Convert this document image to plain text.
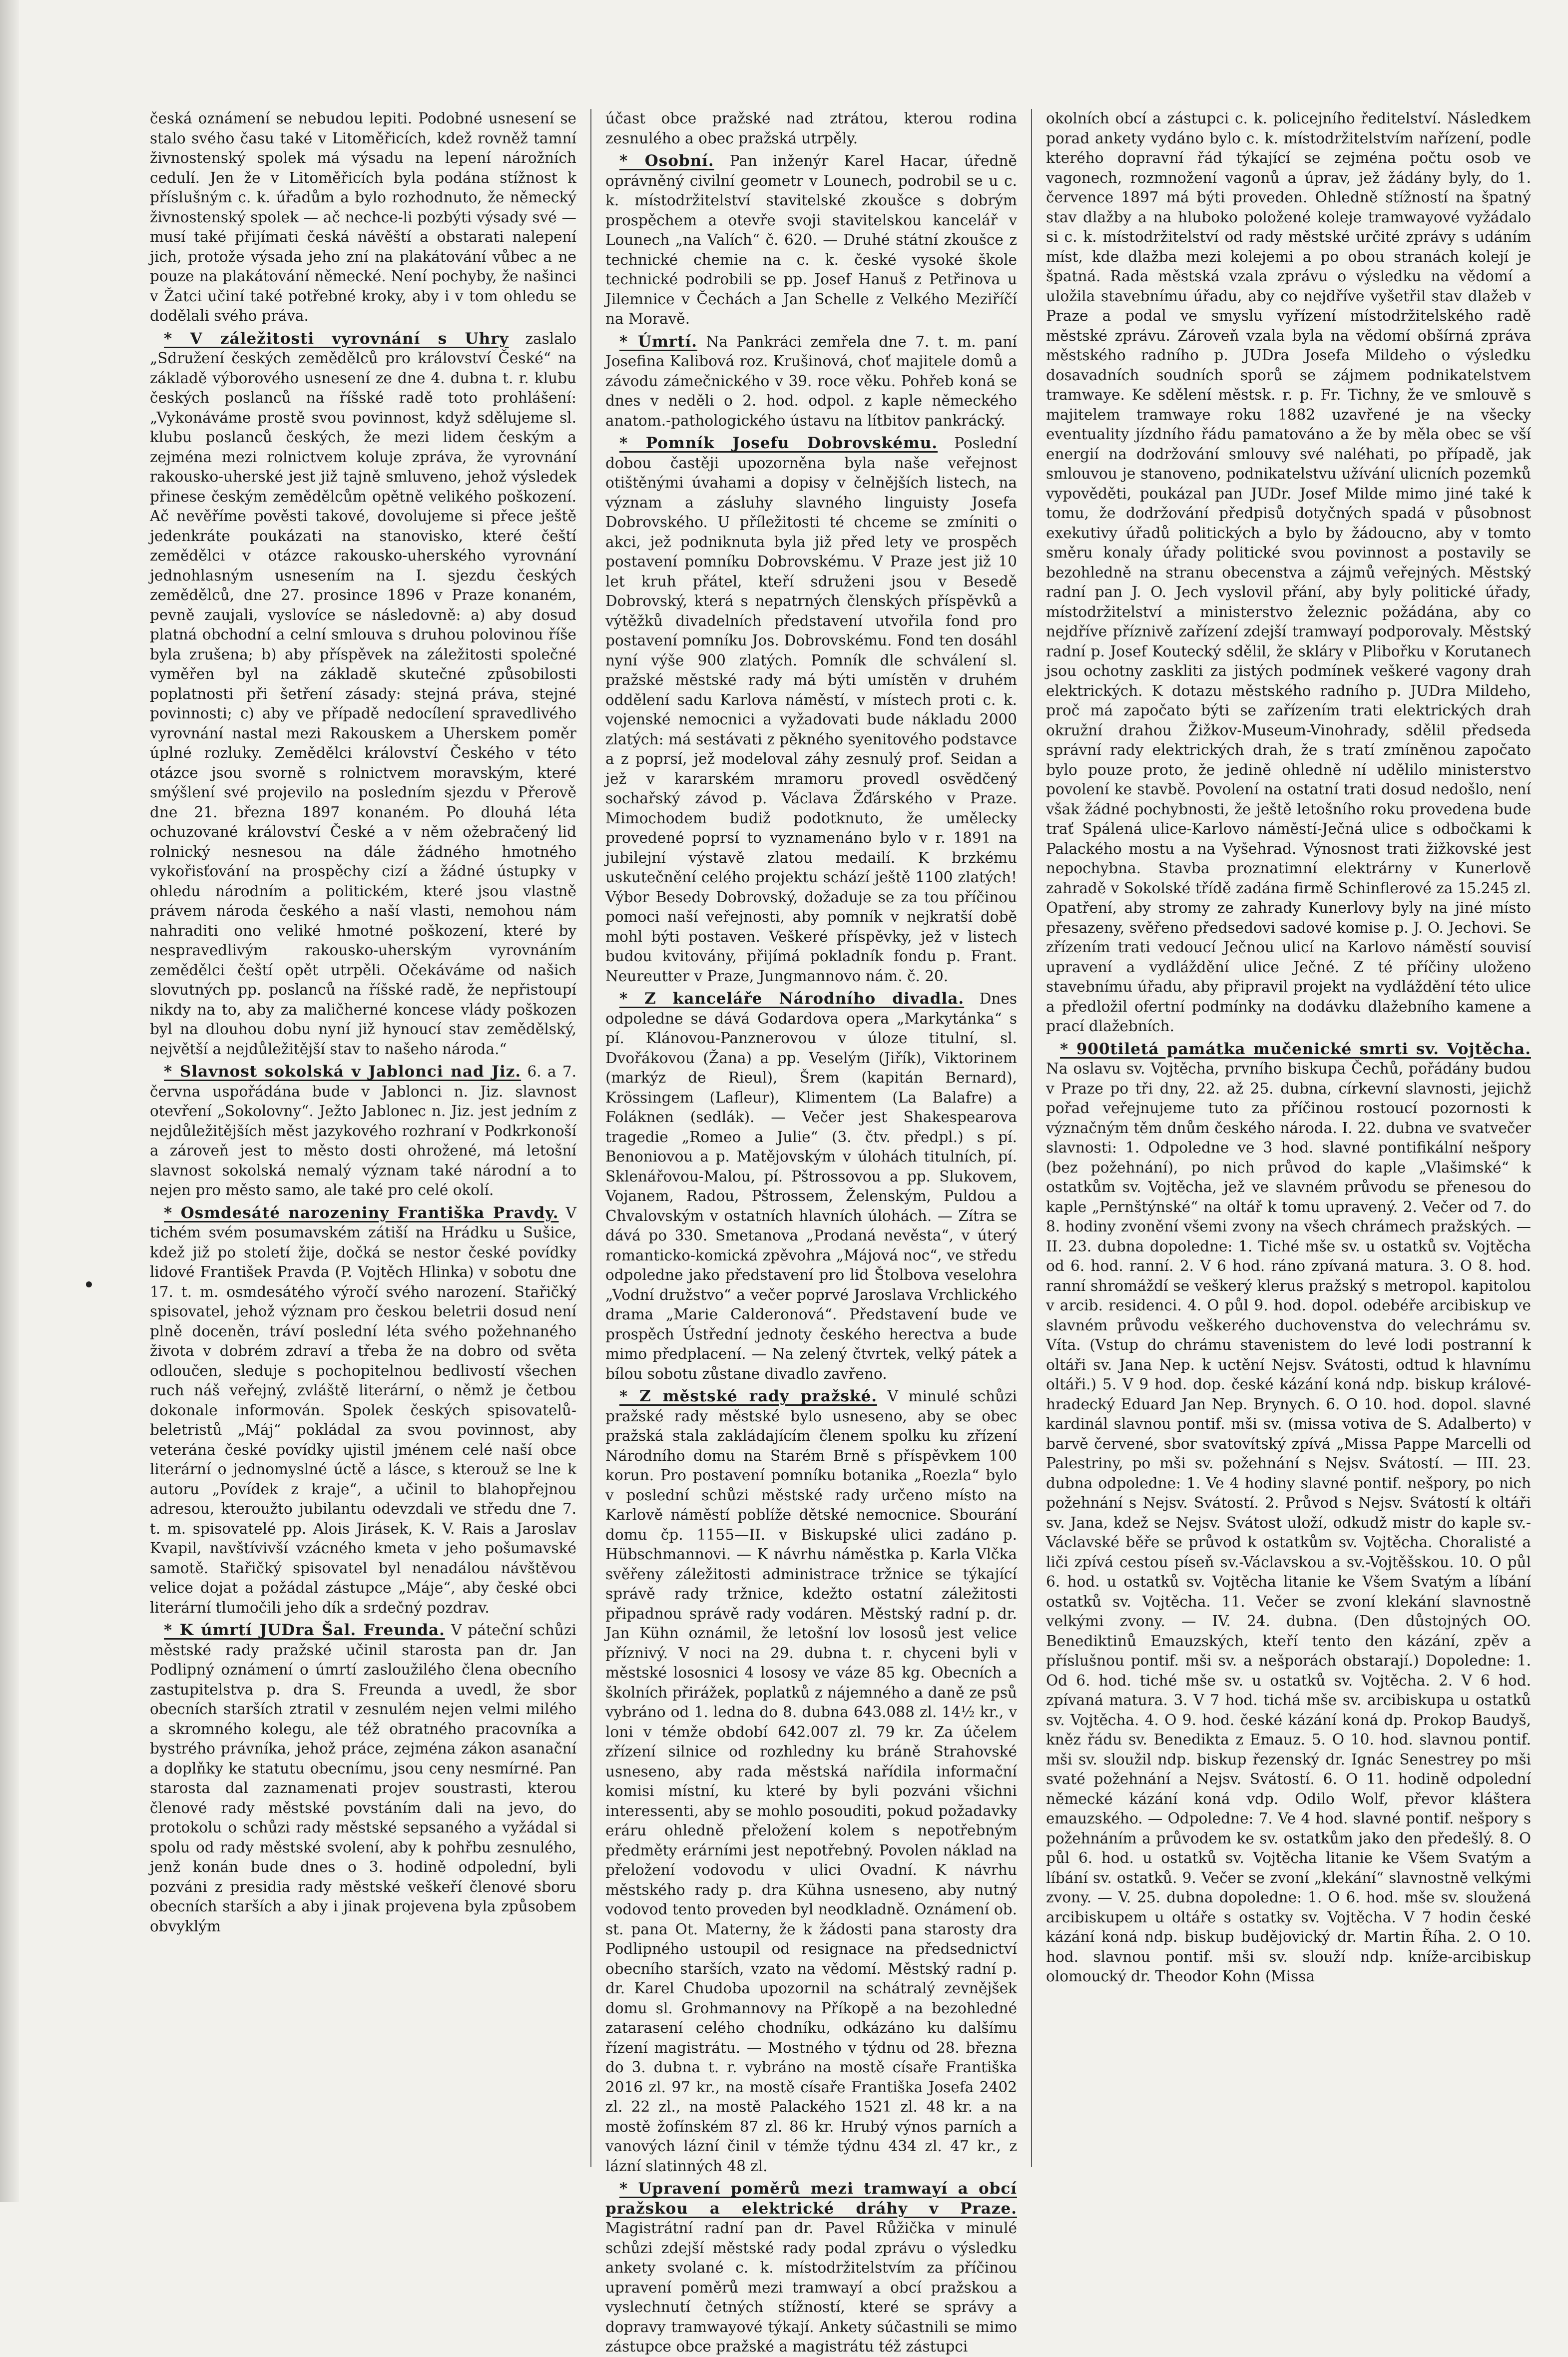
česká oznámení se nebudou lepiti. Podobné usnesení se stalo svého času také v Litoměřicích, kdež rovněž tamní živnostenský spolek má výsadu na lepení nárožních cedulí. Jen že v Litoměřicích byla podána stížnost k příslušným c. k. úřadům a bylo rozhodnuto, že německý živnostenský spolek — ač nechce-li pozbýti výsady své — musí také přijímati česká návěští a obstarati nalepení jich, protože výsada jeho zní na plakátování vůbec a ne pouze na plakátování německé. Není pochyby, že našinci v Žatci učiní také potřebné kroky, aby i v tom ohledu se dodělali svého práva.

* V záležitosti vyrovnání s Uhry zaslalo „Sdružení českých zemědělců pro království České“ na základě výborového usnesení ze dne 4. dubna t. r. klubu českých poslanců na říšské radě toto prohlášení: „Vykonáváme prostě svou povinnost, když sdělujeme sl. klubu poslanců českých, že mezi lidem českým a zejména mezi rolnictvem koluje zpráva, že vyrovnání rakousko-uherské jest již tajně smluveno, jehož výsledek přinese českým zemědělcům opětně velikého poškození. Ač nevěříme pověsti takové, dovolujeme si přece ještě jedenkráte poukázati na stanovisko, které čeští zemědělci v otázce rakousko-uherského vyrovnání jednohlasným usnesením na I. sjezdu českých zemědělců, dne 27. prosince 1896 v Praze konaném, pevně zaujali, vyslovíce se následovně: a) aby dosud platná obchodní a celní smlouva s druhou polovinou říše byla zrušena; b) aby příspěvek na záležitosti společné vyměřen byl na základě skutečné způsobilosti poplatnosti při šetření zásady: stejná práva, stejné povinnosti; c) aby ve případě nedocílení spravedlivého vyrovnání nastal mezi Rakouskem a Uherskem poměr úplné rozluky. Zemědělci království Českého v této otázce jsou svorně s rolnictvem moravským, které smýšlení své projevilo na posledním sjezdu v Přerově dne 21. března 1897 konaném. Po dlouhá léta ochuzované království České a v něm ožebračený lid rolnický nesnesou na dále žádného hmotného vykořisťování na prospěchy cizí a žádné ústupky v ohledu národním a politickém, které jsou vlastně právem národa českého a naší vlasti, nemohou nám nahraditi ono veliké hmotné poškození, které by nespravedlivým rakousko-uherským vyrovnáním zemědělci čeští opět utrpěli. Očekáváme od našich slovutných pp. poslanců na říšské radě, že nepřistoupí nikdy na to, aby za maličherné koncese vlády poškozen byl na dlouhou dobu nyní již hynoucí stav zemědělský, největší a nejdůležitější stav to našeho národa.“

* Slavnost sokolská v Jablonci nad Jiz. 6. a 7. června uspořádána bude v Jablonci n. Jiz. slavnost otevření „Sokolovny“. Ježto Jablonec n. Jiz. jest jedním z nejdůležitějších měst jazykového rozhraní v Podkrkonoší a zároveň jest to město dosti ohrožené, má letošní slavnost sokolská nemalý význam také národní a to nejen pro město samo, ale také pro celé okolí.

* Osmdesáté narozeniny Františka Pravdy. V tichém svém posumavském zátiší na Hrádku u Sušice, kdež již po století žije, dočká se nestor české povídky lidové František Pravda (P. Vojtěch Hlinka) v sobotu dne 17. t. m. osmdesátého výročí svého narození. Stařičký spisovatel, jehož význam pro českou beletrii dosud není plně doceněn, tráví poslední léta svého požehnaného života v dobrém zdraví a třeba že na dobro od světa odloučen, sleduje s pochopitelnou bedlivostí všechen ruch náš veřejný, zvláště literární, o němž je četbou dokonale informován. Spolek českých spisovatelů-beletristů „Máj“ pokládal za svou povinnost, aby veterána české povídky ujistil jménem celé naší obce literární o jednomyslné úctě a lásce, s kterouž se lne k autoru „Povídek z kraje“, a učinil to blahopřejnou adresou, kteroužto jubilantu odevzdali ve středu dne 7. t. m. spisovatelé pp. Alois Jirásek, K. V. Rais a Jaroslav Kvapil, navštívivší vzácného kmeta v jeho pošumavské samotě. Stařičký spisovatel byl nenadálou návštěvou velice dojat a požádal zástupce „Máje“, aby české obci literární tlumočili jeho dík a srdečný pozdrav.

* K úmrtí JUDra Šal. Freunda. V páteční schůzi městské rady pražské učinil starosta pan dr. Jan Podlipný oznámení o úmrtí zasloužilého člena obecního zastupitelstva p. dra S. Freunda a uvedl, že sbor obecních starších ztratil v zesnulém nejen velmi milého a skromného kolegu, ale též obratného pracovníka a bystrého právníka, jehož práce, zejména zákon asanační a doplňky ke statutu obecnímu, jsou ceny nesmírné. Pan starosta dal zaznamenati projev soustrasti, kterou členové rady městské povstáním dali na jevo, do protokolu o schůzi rady městské sepsaného a vyžádal si spolu od rady městské svolení, aby k pohřbu zesnulého, jenž konán bude dnes o 3. hodině odpolední, byli pozváni z presidia rady městské veškeří členové sboru obecních starších a aby i jinak projevena byla způsobem obvyklým

účast obce pražské nad ztrátou, kterou rodina zesnulého a obec pražská utrpěly.

* Osobní. Pan inženýr Karel Hacar, úředně oprávněný civilní geometr v Lounech, podrobil se u c. k. místodržitelství stavitelské zkoušce s dobrým prospěchem a otevře svoji stavitelskou kancelář v Lounech „na Valích“ č. 620. — Druhé státní zkoušce z technické chemie na c. k. české vysoké škole technické podrobili se pp. Josef Hanuš z Petřinova u Jilemnice v Čechách a Jan Schelle z Velkého Meziříčí na Moravě.

* Úmrtí. Na Pankráci zemřela dne 7. t. m. paní Josefina Kalibová roz. Krušinová, choť majitele domů a závodu zámečnického v 39. roce věku. Pohřeb koná se dnes v neděli o 2. hod. odpol. z kaple německého anatom.-pathologického ústavu na lítbitov pankrácký.

* Pomník Josefu Dobrovskému. Poslední dobou častěji upozorněna byla naše veřejnost otištěnými úvahami a dopisy v čelnějších listech, na význam a zásluhy slavného linguisty Josefa Dobrovského. U příležitosti té chceme se zmíniti o akci, jež podniknuta byla již před lety ve prospěch postavení pomníku Dobrovskému. V Praze jest již 10 let kruh přátel, kteří sdruženi jsou v Besedě Dobrovský, která s nepatrných členských příspěvků a výtěžků divadelních představení utvořila fond pro postavení pomníku Jos. Dobrovskému. Fond ten dosáhl nyní výše 900 zlatých. Pomník dle schválení sl. pražské městské rady má býti umístěn v druhém oddělení sadu Karlova náměstí, v místech proti c. k. vojenské nemocnici a vyžadovati bude nákladu 2000 zlatých: má sestávati z pěkného syenitového podstavce a z poprsí, jež modeloval záhy zesnulý prof. Seidan a jež v kararském mramoru provedl osvědčený sochařský závod p. Václava Žďárského v Praze. Mimochodem budiž podotknuto, že umělecky provedené poprsí to vyznamenáno bylo v r. 1891 na jubilejní výstavě zlatou medailí. K brzkému uskutečnění celého projektu schází ještě 1100 zlatých! Výbor Besedy Dobrovský, dožaduje se za tou příčinou pomoci naší veřejnosti, aby pomník v nejkratší době mohl býti postaven. Veškeré příspěvky, jež v listech budou kvitovány, přijímá pokladník fondu p. Frant. Neureutter v Praze, Jungmannovo nám. č. 20.

* Z kanceláře Národního divadla. Dnes odpoledne se dává Godardova opera „Markytánka“ s pí. Klánovou-Panznerovou v úloze titulní, sl. Dvořákovou (Žana) a pp. Veselým (Jiřík), Viktorinem (markýz de Rieul), Šrem (kapitán Bernard), Krössingem (Lafleur), Klimentem (La Balafre) a Foláknen (sedlák). — Večer jest Shakespearova tragedie „Romeo a Julie“ (3. čtv. předpl.) s pí. Benoniovou a p. Matějovským v úlohách titulních, pí. Sklenářovou-Malou, pí. Pštrossovou a pp. Slukovem, Vojanem, Radou, Pštrossem, Želenským, Puldou a Chvalovským v ostatních hlavních úlohách. — Zítra se dává po 330. Smetanova „Prodaná nevěsta“, v úterý romanticko-komická zpěvohra „Májová noc“, ve středu odpoledne jako představení pro lid Štolbova veselohra „Vodní družstvo“ a večer poprvé Jaroslava Vrchlického drama „Marie Calderonová“. Představení bude ve prospěch Ústřední jednoty českého herectva a bude mimo předplacení. — Na zelený čtvrtek, velký pátek a bílou sobotu zůstane divadlo zavřeno.

* Z městské rady pražské. V minulé schůzi pražské rady městské bylo usneseno, aby se obec pražská stala zakládajícím členem spolku ku zřízení Národního domu na Starém Brně s příspěvkem 100 korun. Pro postavení pomníku botanika „Roezla“ bylo v poslední schůzi městské rady určeno místo na Karlově náměstí poblíže dětské nemocnice. Sbourání domu čp. 1155—II. v Biskupské ulici zadáno p. Hübschmannovi. — K návrhu náměstka p. Karla Vlčka svěřeny záležitosti administrace tržnice se týkající správě rady tržnice, kdežto ostatní záležitosti připadnou správě rady vodáren. Městský radní p. dr. Jan Kühn oznámil, že letošní lov lososů jest velice příznivý. V noci na 29. dubna t. r. chyceni byli v městské lososnici 4 lososy ve váze 85 kg. Obecních a školních přirážek, poplatků z nájemného a daně ze psů vybráno od 1. ledna do 8. dubna 643.088 zl. 14½ kr., v loni v témže období 642.007 zl. 79 kr. Za účelem zřízení silnice od rozhledny ku bráně Strahovské usneseno, aby rada městská nařídila informační komisi místní, ku které by byli pozváni všichni interessenti, aby se mohlo posouditi, pokud požadavky eráru ohledně přeložení kolem s nepotřebným předměty erárními jest nepotřebný. Povolen náklad na přeložení vodovodu v ulici Ovadní. K návrhu městského rady p. dra Kühna usneseno, aby nutný vodovod tento proveden byl neodkladně. Oznámení ob. st. pana Ot. Materny, že k žádosti pana starosty dra Podlipného ustoupil od resignace na předsednictví obecního starších, vzato na vědomí. Městský radní p. dr. Karel Chudoba upozornil na schátralý zevnějšek domu sl. Grohmannovy na Příkopě a na bezohledné zatarasení celého chodníku, odkázáno ku dalšímu řízení magistrátu. — Mostného v týdnu od 28. března do 3. dubna t. r. vybráno na mostě císaře Františka 2016 zl. 97 kr., na mostě císaře Františka Josefa 2402 zl. 22 zl., na mostě Palackého 1521 zl. 48 kr. a na mostě žofínském 87 zl. 86 kr. Hrubý výnos parních a vanových lázní činil v témže týdnu 434 zl. 47 kr., z lázní slatinných 48 zl.

* Upravení poměrů mezi tramwayí a obcí pražskou a elektrické dráhy v Praze. Magistrátní radní pan dr. Pavel Růžička v minulé schůzi zdejší městské rady podal zprávu o výsledku ankety svolané c. k. místodržitelstvím za příčinou upravení poměrů mezi tramwayí a obcí pražskou a vyslechnutí četných stížností, které se správy a dopravy tramwayové týkají. Ankety súčastnili se mimo zástupce obce pražské a magistrátu též zástupci

okolních obcí a zástupci c. k. policejního ředitelství. Následkem porad ankety vydáno bylo c. k. místodržitelstvím nařízení, podle kterého dopravní řád týkající se zejména počtu osob ve vagonech, rozmnožení vagonů a úprav, jež žádány byly, do 1. července 1897 má býti proveden. Ohledně stížností na špatný stav dlažby a na hluboko položené koleje tramwayové vyžádalo si c. k. místodržitelství od rady městské určité zprávy s udáním míst, kde dlažba mezi kolejemi a po obou stranách kolejí je špatná. Rada městská vzala zprávu o výsledku na vědomí a uložila stavebnímu úřadu, aby co nejdříve vyšetřil stav dlažeb v Praze a podal ve smyslu vyřízení místodržitelského radě městské zprávu. Zároveň vzala byla na vědomí obšírná zpráva městského radního p. JUDra Josefa Mildeho o výsledku dosavadních soudních sporů se zájmem podnikatelstvem tramwaye. Ke sdělení městsk. r. p. Fr. Tichny, že ve smlouvě s majitelem tramwaye roku 1882 uzavřené je na všecky eventuality jízdního řádu pamatováno a že by měla obec se vší energií na dodržování smlouvy své naléhati, po případě, jak smlouvou je stanoveno, podnikatelstvu užívání ulicních pozemků vypověděti, poukázal pan JUDr. Josef Milde mimo jiné také k tomu, že dodržování předpisů dotyčných spadá v působnost exekutivy úřadů politických a bylo by žádoucno, aby v tomto směru konaly úřady politické svou povinnost a postavily se bezohledně na stranu obecenstva a zájmů veřejných. Městský radní pan J. O. Jech vyslovil přání, aby byly politické úřady, místodržitelství a ministerstvo železnic požádána, aby co nejdříve příznivě zařízení zdejší tramwayí podporovaly. Městský radní p. Josef Koutecký sdělil, že skláry v Plibořku v Korutanech jsou ochotny zaskliti za jistých podmínek veškeré vagony drah elektrických. K dotazu městského radního p. JUDra Mildeho, proč má započato býti se zařízením trati elektrických drah okružní drahou Žižkov-Museum-Vinohrady, sdělil předseda správní rady elektrických drah, že s tratí zmíněnou započato bylo pouze proto, že jedině ohledně ní udělilo ministerstvo povolení ke stavbě. Povolení na ostatní trati dosud nedošlo, není však žádné pochybnosti, že ještě letošního roku provedena bude trať Spálená ulice-Karlovo náměstí-Ječná ulice s odbočkami k Palackého mostu a na Vyšehrad. Výnosnost trati žižkovské jest nepochybna. Stavba proznatimní elektrárny v Kunerlově zahradě v Sokolské třídě zadána firmě Schinflerové za 15.245 zl. Opatření, aby stromy ze zahrady Kunerlovy byly na jiné místo přesazeny, svěřeno předsedovi sadové komise p. J. O. Jechovi. Se zřízením trati vedoucí Ječnou ulicí na Karlovo náměstí souvisí upravení a vydláždění ulice Ječné. Z té příčiny uloženo stavebnímu úřadu, aby připravil projekt na vydláždění této ulice a předložil ofertní podmínky na dodávku dlažebního kamene a prací dlažebních.

* 900tiletá památka mučenické smrti sv. Vojtěcha. Na oslavu sv. Vojtěcha, prvního biskupa Čechů, pořádány budou v Praze po tři dny, 22. až 25. dubna, církevní slavnosti, jejichž pořad veřejnujeme tuto za příčinou rostoucí pozornosti k význačným těm dnům českého národa. I. 22. dubna ve svatvečer slavnosti: 1. Odpoledne ve 3 hod. slavné pontifikální nešpory (bez požehnání), po nich průvod do kaple „Vlašimské“ k ostatkům sv. Vojtěcha, jež ve slavném průvodu se přenesou do kaple „Pernštýnské“ na oltář k tomu upravený. 2. Večer od 7. do 8. hodiny zvonění všemi zvony na všech chrámech pražských. — II. 23. dubna dopoledne: 1. Tiché mše sv. u ostatků sv. Vojtěcha od 6. hod. ranní. 2. V 6 hod. ráno zpívaná matura. 3. O 8. hod. ranní shromáždí se veškerý klerus pražský s metropol. kapitolou v arcib. residenci. 4. O půl 9. hod. dopol. odebéře arcibiskup ve slavném průvodu veškerého duchovenstva do velechrámu sv. Víta. (Vstup do chrámu stavenistem do levé lodi postranní k oltáři sv. Jana Nep. k uctění Nejsv. Svátosti, odtud k hlavnímu oltáři.) 5. V 9 hod. dop. české kázání koná ndp. biskup králové-hradecký Eduard Jan Nep. Brynych. 6. O 10. hod. dopol. slavné kardinál slavnou pontif. mši sv. (missa votiva de S. Adalberto) v barvě červené, sbor svatovítský zpívá „Missa Pappe Marcelli od Palestriny, po mši sv. požehnání s Nejsv. Svátostí. — III. 23. dubna odpoledne: 1. Ve 4 hodiny slavné pontif. nešpory, po nich požehnání s Nejsv. Svátostí. 2. Průvod s Nejsv. Svátostí k oltáři sv. Jana, kdež se Nejsv. Svátost uloží, odkudž mistr do kaple sv.-Václavské běře se průvod k ostatkům sv. Vojtěcha. Choralisté a liči zpívá cestou píseň sv.-Václavskou a sv.-Vojtěšskou. 10. O půl 6. hod. u ostatků sv. Vojtěcha litanie ke Všem Svatým a líbání ostatků sv. Vojtěcha. 11. Večer se zvoní klekání slavnostně velkými zvony. — IV. 24. dubna. (Den důstojných OO. Benediktinů Emauzských, kteří tento den kázání, zpěv a příslušnou pontif. mši sv. a nešporách obstarají.) Dopoledne: 1. Od 6. hod. tiché mše sv. u ostatků sv. Vojtěcha. 2. V 6 hod. zpívaná matura. 3. V 7 hod. tichá mše sv. arcibiskupa u ostatků sv. Vojtěcha. 4. O 9. hod. české kázání koná dp. Prokop Baudyš, kněz řádu sv. Benedikta z Emauz. 5. O 10. hod. slavnou pontif. mši sv. sloužil ndp. biskup řezenský dr. Ignác Senestrey po mši svaté požehnání a Nejsv. Svátostí. 6. O 11. hodině odpolední německé kázání koná vdp. Odilo Wolf, převor kláštera emauzského. — Odpoledne: 7. Ve 4 hod. slavné pontif. nešpory s požehnáním a průvodem ke sv. ostatkům jako den předešlý. 8. O půl 6. hod. u ostatků sv. Vojtěcha litanie ke Všem Svatým a líbání sv. ostatků. 9. Večer se zvoní „klekání“ slavnostně velkými zvony. — V. 25. dubna dopoledne: 1. O 6. hod. mše sv. sloužená arcibiskupem u oltáře s ostatky sv. Vojtěcha. V 7 hodin české kázání koná ndp. biskup budějovický dr. Martin Říha. 2. O 10. hod. slavnou pontif. mši sv. slouží ndp. kníže-arcibiskup olomoucký dr. Theodor Kohn (Missa
